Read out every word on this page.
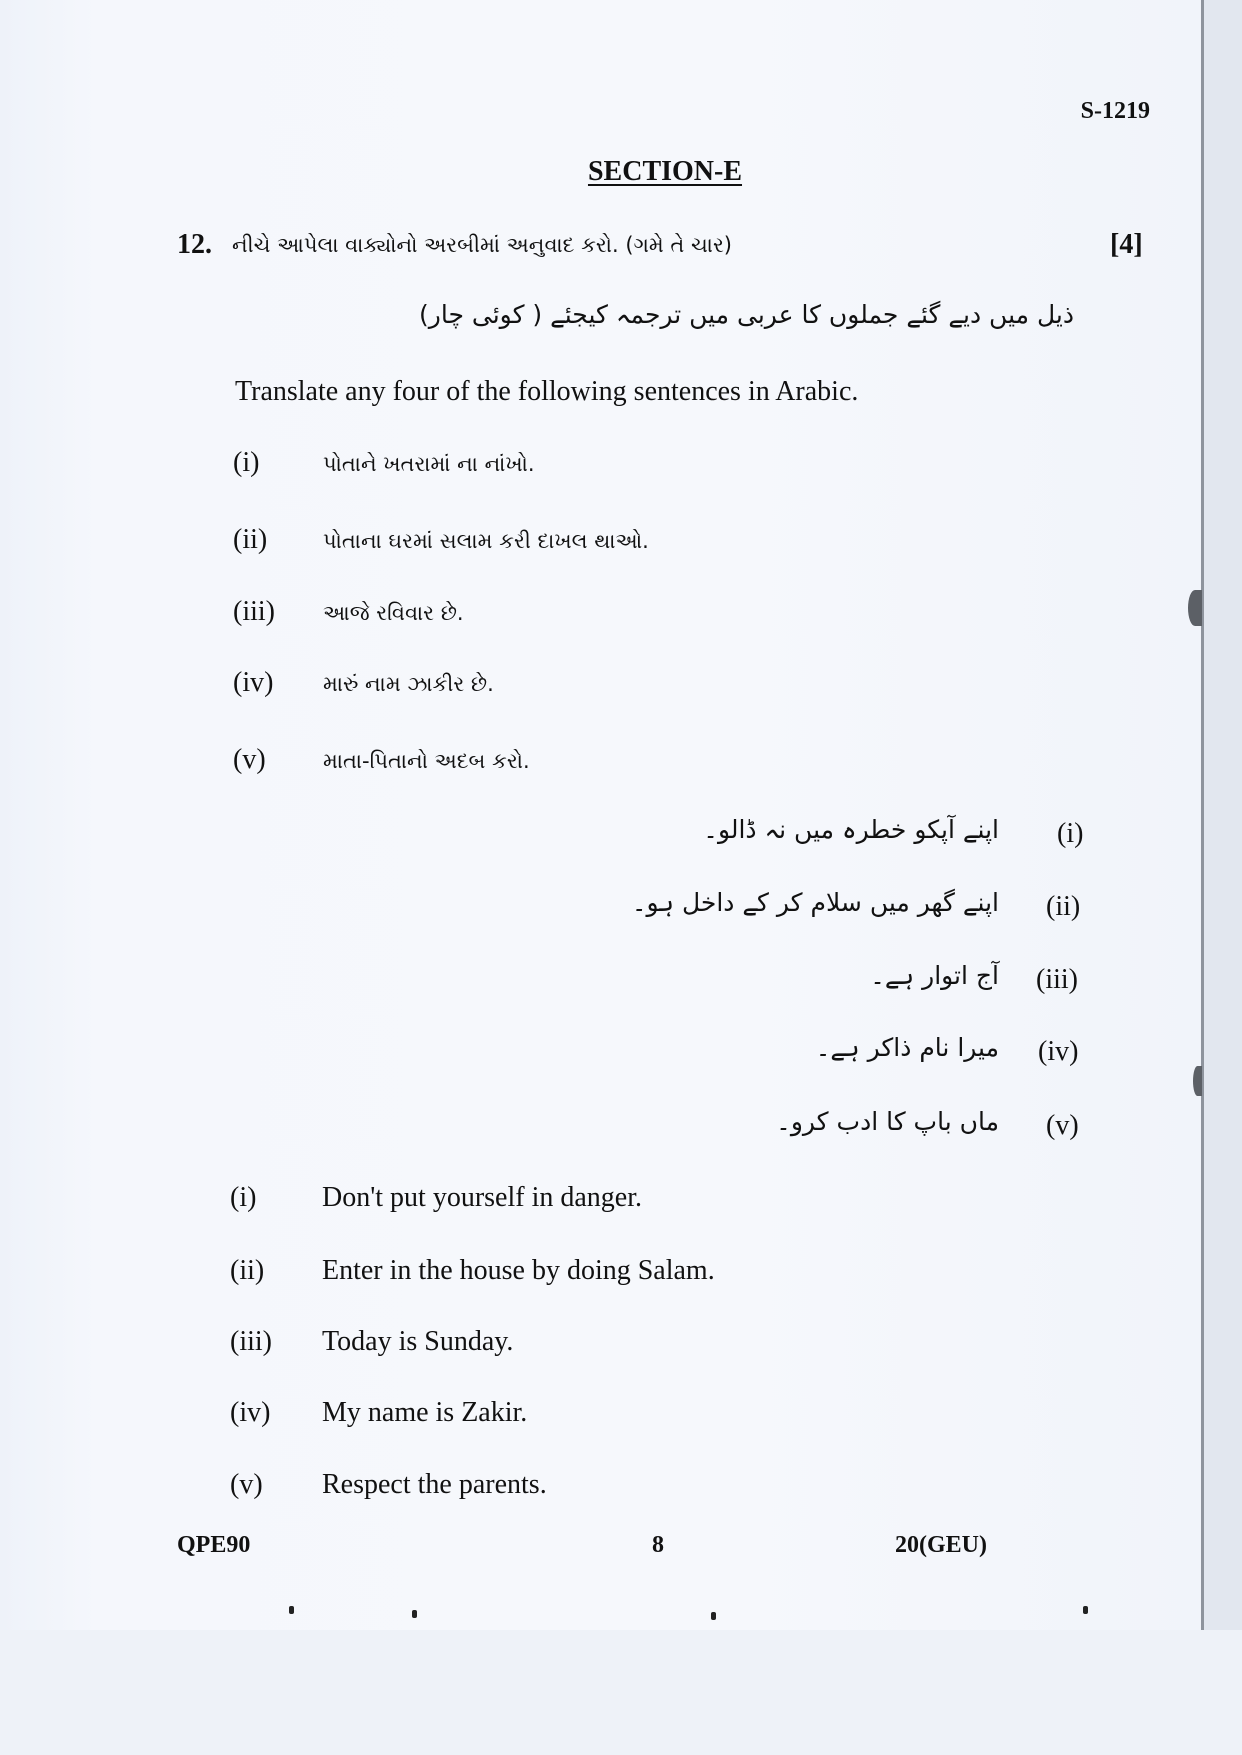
S-1219
SECTION-E
12. નીચે આપેલા વાક્યોનો અરબીમાં અનુવાદ કરો. (ગમે તે ચાર)	[4]
ذیل میں دیے گئے جملوں کا عربی میں ترجمہ کیجئے ( کوئی چار)
Translate any four of the following sentences in Arabic.
(i)	પોતાને ખતરામાં ના નાંખો.
(ii)	પોતાના ઘરમાં સલામ કરી દાખલ થાઓ.
(iii) આજે રવિવાર છે.
(iv) મારું નામ ઝાકીર છે.
(v)	માતા-પિતાનો અદબ કરો.
اپنے آپکو خطرہ میں نہ ڈالو۔ (i)
اپنے گھر میں سلام کر کے داخل ہو۔ (ii)
آج اتوار ہے۔ (iii)
میرا نام ذاکر ہے۔ (iv)
ماں باپ کا ادب کرو۔ (v)
(i) Don't put yourself in danger.
(ii) Enter in the house by doing Salam.
(iii) Today is Sunday.
(iv) My name is Zakir.
(v) Respect the parents.
QPE90	8	20(GEU)
